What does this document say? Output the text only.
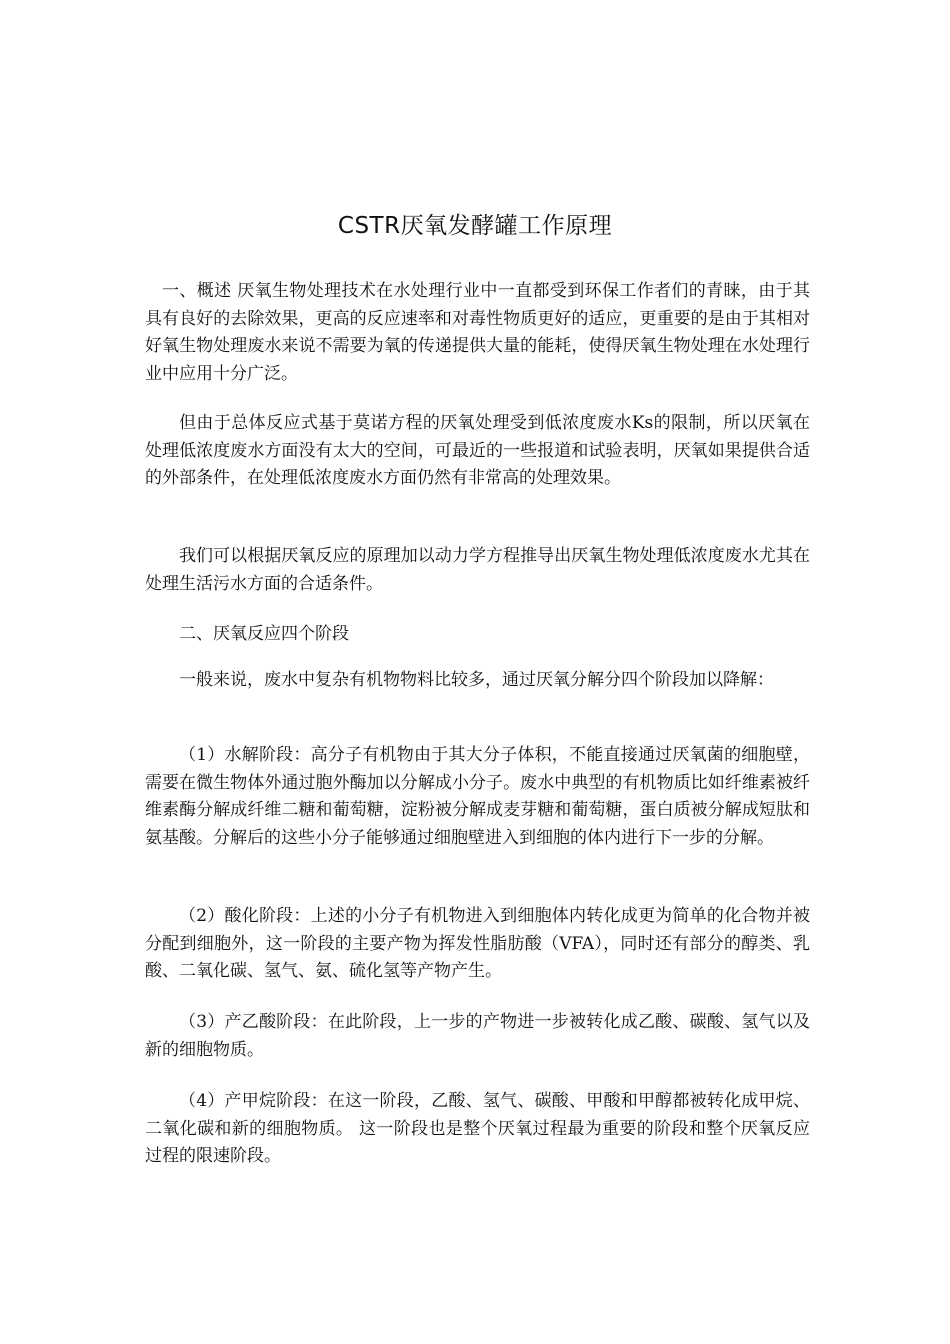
CSTR厌氧发酵罐工作原理

一、概述 厌氧生物处理技术在水处理行业中一直都受到环保工作者们的青睐，由于其具有良好的去除效果，更高的反应速率和对毒性物质更好的适应，更重要的是由于其相对好氧生物处理废水来说不需要为氧的传递提供大量的能耗，使得厌氧生物处理在水处理行业中应用十分广泛。

但由于总体反应式基于莫诺方程的厌氧处理受到低浓度废水Ks的限制，所以厌氧在处理低浓度废水方面没有太大的空间，可最近的一些报道和试验表明，厌氧如果提供合适的外部条件，在处理低浓度废水方面仍然有非常高的处理效果。

我们可以根据厌氧反应的原理加以动力学方程推导出厌氧生物处理低浓度废水尤其在处理生活污水方面的合适条件。

二、厌氧反应四个阶段

一般来说，废水中复杂有机物物料比较多，通过厌氧分解分四个阶段加以降解：

（1）水解阶段：高分子有机物由于其大分子体积，不能直接通过厌氧菌的细胞壁，需要在微生物体外通过胞外酶加以分解成小分子。废水中典型的有机物质比如纤维素被纤维素酶分解成纤维二糖和葡萄糖，淀粉被分解成麦芽糖和葡萄糖，蛋白质被分解成短肽和氨基酸。分解后的这些小分子能够通过细胞壁进入到细胞的体内进行下一步的分解。

（2）酸化阶段：上述的小分子有机物进入到细胞体内转化成更为简单的化合物并被分配到细胞外，这一阶段的主要产物为挥发性脂肪酸（VFA），同时还有部分的醇类、乳酸、二氧化碳、氢气、氨、硫化氢等产物产生。

（3）产乙酸阶段：在此阶段，上一步的产物进一步被转化成乙酸、碳酸、氢气以及新的细胞物质。

（4）产甲烷阶段：在这一阶段，乙酸、氢气、碳酸、甲酸和甲醇都被转化成甲烷、二氧化碳和新的细胞物质。 这一阶段也是整个厌氧过程最为重要的阶段和整个厌氧反应过程的限速阶段。
